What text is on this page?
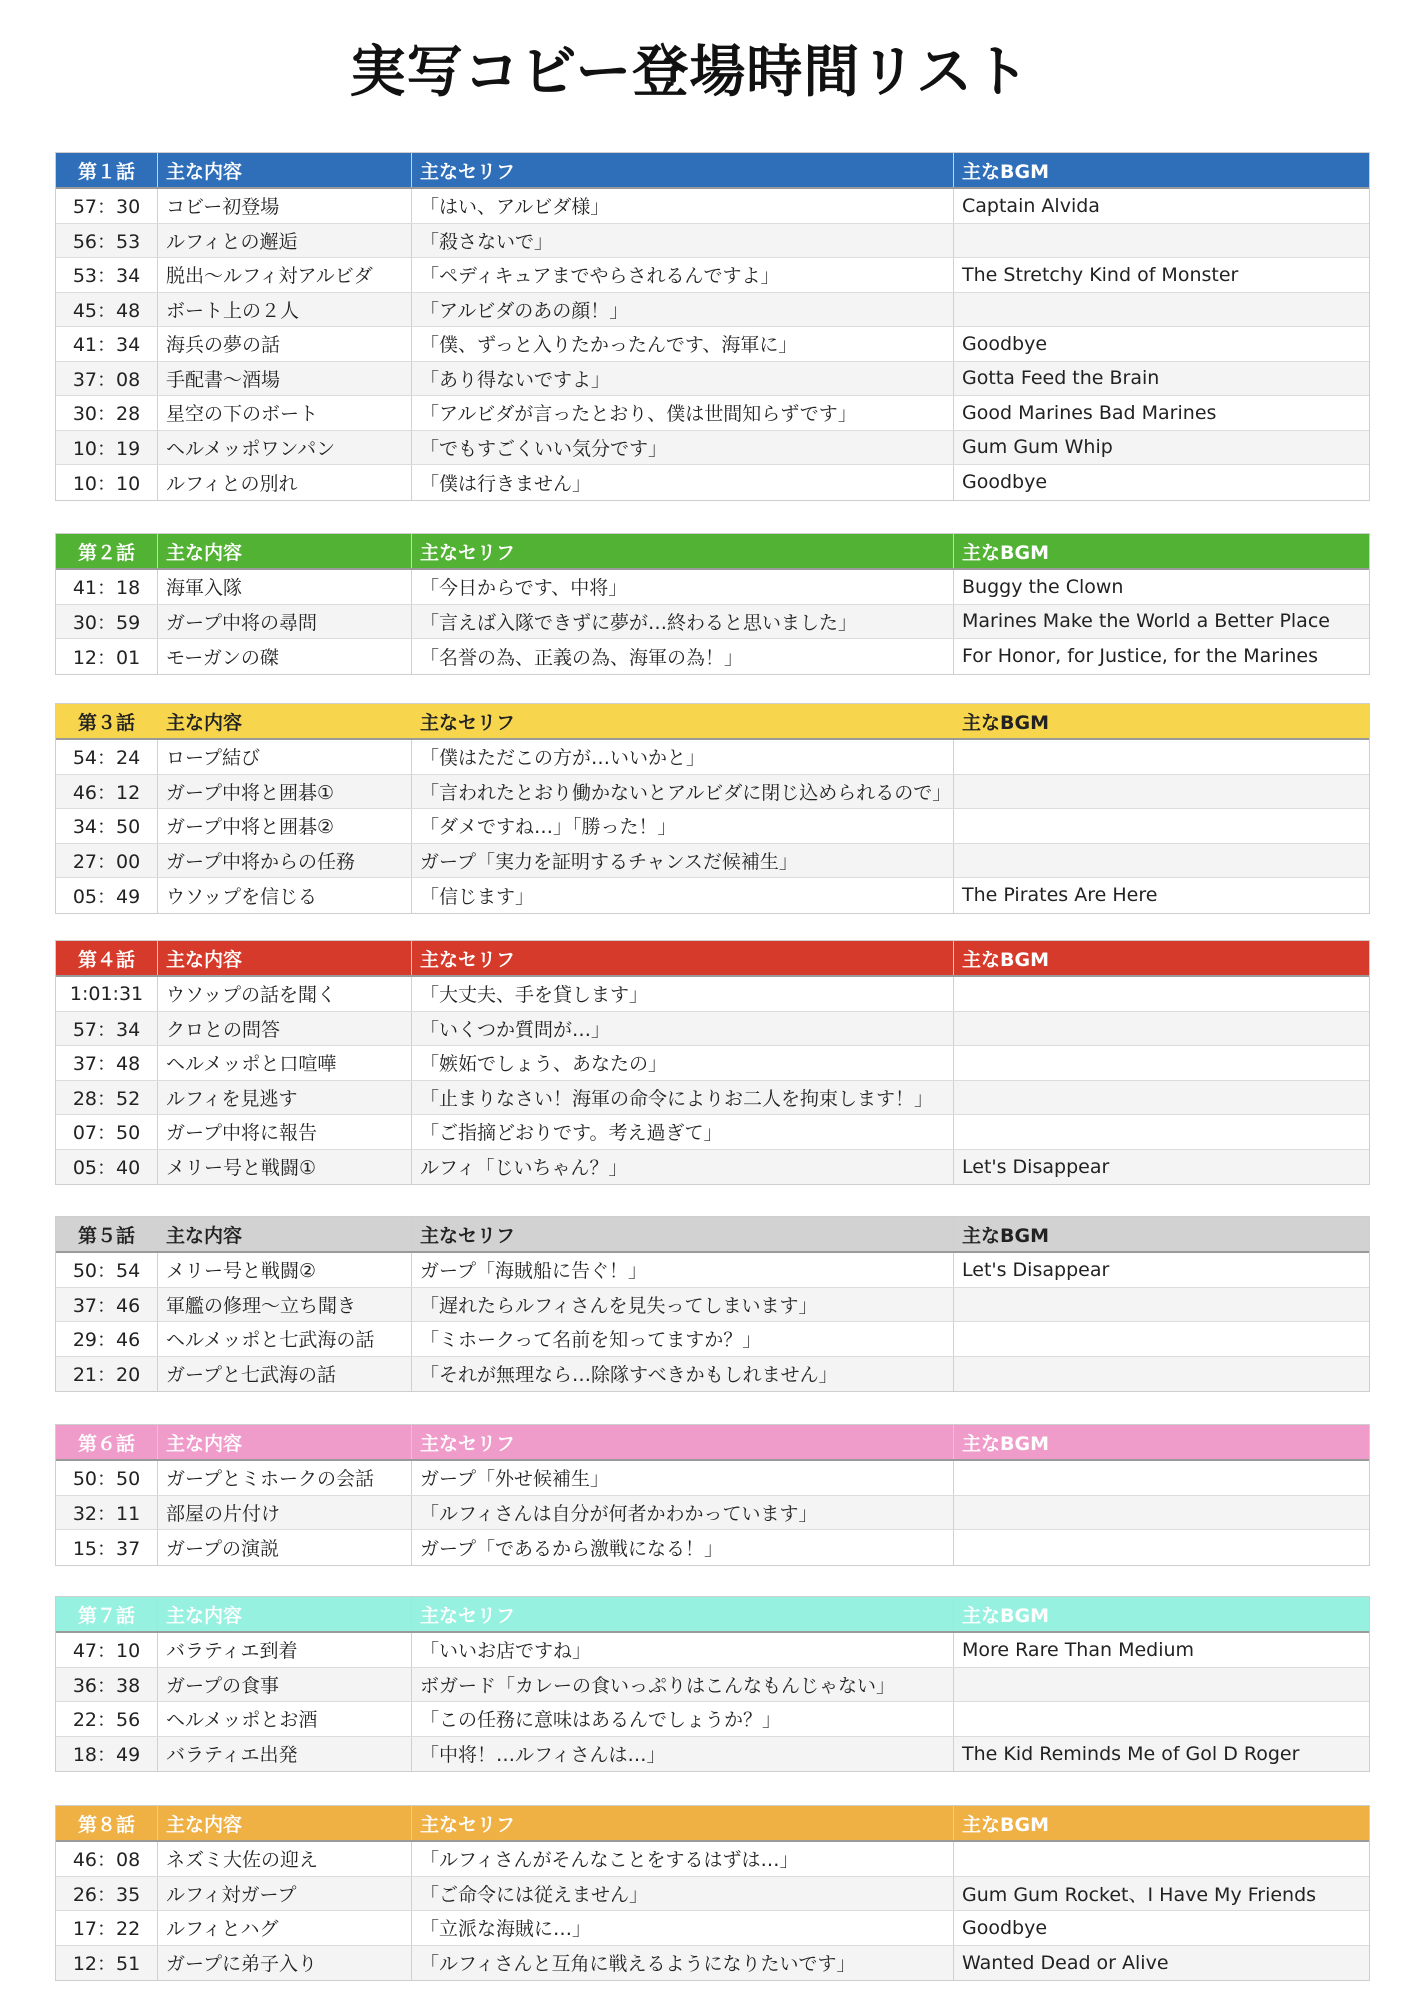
実写コビー登場時間リスト
第１話	主な内容	主なセリフ	主なBGM
57：30	コビー初登場	「はい、アルビダ様」	Captain Alvida
56：53	ルフィとの邂逅	「殺さないで」
53：34	脱出〜ルフィ対アルビダ	「ペディキュアまでやらされるんですよ」	The Stretchy Kind of Monster
45：48	ボート上の２人	「アルビダのあの顔！」
41：34	海兵の夢の話	「僕、ずっと入りたかったんです、海軍に」	Goodbye
37：08	手配書〜酒場	「あり得ないですよ」	Gotta Feed the Brain
30：28	星空の下のボート	「アルビダが言ったとおり、僕は世間知らずです」	Good Marines Bad Marines
10：19	ヘルメッポワンパン	「でもすごくいい気分です」	Gum Gum Whip
10：10	ルフィとの別れ	「僕は行きません」	Goodbye
第２話	主な内容	主なセリフ	主なBGM
41：18	海軍入隊	「今日からです、中将」	Buggy the Clown
30：59	ガープ中将の尋問	「言えば入隊できずに夢が…終わると思いました」	Marines Make the World a Better Place
12：01	モーガンの磔	「名誉の為、正義の為、海軍の為！」	For Honor, for Justice, for the Marines
第３話	主な内容	主なセリフ	主なBGM
54：24	ロープ結び	「僕はただこの方が…いいかと」
46：12	ガープ中将と囲碁①	「言われたとおり働かないとアルビダに閉じ込められるので」
34：50	ガープ中将と囲碁②	「ダメですね…」「勝った！」
27：00	ガープ中将からの任務	ガープ「実力を証明するチャンスだ候補生」
05：49	ウソップを信じる	「信じます」	The Pirates Are Here
第４話	主な内容	主なセリフ	主なBGM
1:01:31	ウソップの話を聞く	「大丈夫、手を貸します」
57：34	クロとの問答	「いくつか質問が…」
37：48	ヘルメッポと口喧嘩	「嫉妬でしょう、あなたの」
28：52	ルフィを見逃す	「止まりなさい！海軍の命令によりお二人を拘束します！」
07：50	ガープ中将に報告	「ご指摘どおりです。考え過ぎて」
05：40	メリー号と戦闘①	ルフィ「じいちゃん？」	Let's Disappear
第５話	主な内容	主なセリフ	主なBGM
50：54	メリー号と戦闘②	ガープ「海賊船に告ぐ！」	Let's Disappear
37：46	軍艦の修理〜立ち聞き	「遅れたらルフィさんを見失ってしまいます」
29：46	ヘルメッポと七武海の話	「ミホークって名前を知ってますか？」
21：20	ガープと七武海の話	「それが無理なら…除隊すべきかもしれません」
第６話	主な内容	主なセリフ	主なBGM
50：50	ガープとミホークの会話	ガープ「外せ候補生」
32：11	部屋の片付け	「ルフィさんは自分が何者かわかっています」
15：37	ガープの演説	ガープ「であるから激戦になる！」
第７話	主な内容	主なセリフ	主なBGM
47：10	バラティエ到着	「いいお店ですね」	More Rare Than Medium
36：38	ガープの食事	ボガード「カレーの食いっぷりはこんなもんじゃない」
22：56	ヘルメッポとお酒	「この任務に意味はあるんでしょうか？」
18：49	バラティエ出発	「中将！…ルフィさんは…」	The Kid Reminds Me of Gol D Roger
第８話	主な内容	主なセリフ	主なBGM
46：08	ネズミ大佐の迎え	「ルフィさんがそんなことをするはずは…」
26：35	ルフィ対ガープ	「ご命令には従えません」	Gum Gum Rocket、I Have My Friends
17：22	ルフィとハグ	「立派な海賊に…」	Goodbye
12：51	ガープに弟子入り	「ルフィさんと互角に戦えるようになりたいです」	Wanted Dead or Alive
